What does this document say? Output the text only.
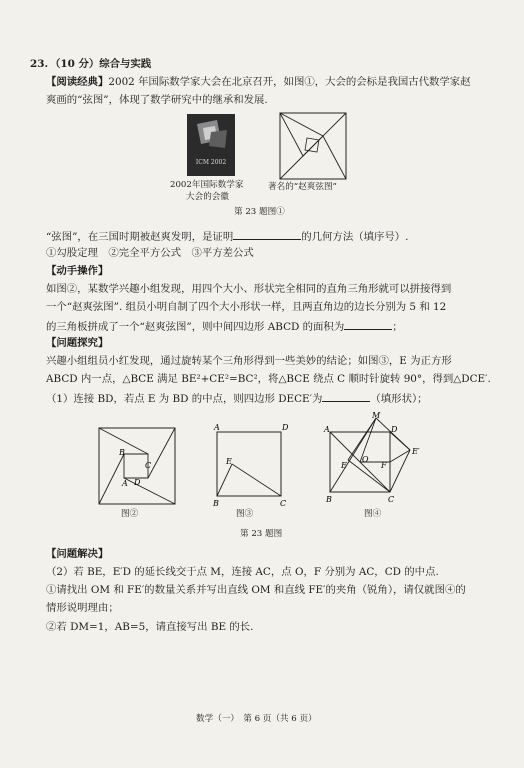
23. （10 分）综合与实践
【阅读经典】2002 年国际数学家大会在北京召开，如图①，大会的会标是我国古代数学家赵
爽画的“弦图”，体现了数学研究中的继承和发展.
ICM 2002
2002年国际数学家
大会的会徽
著名的“赵爽弦图”
第 23 题图①
“弦图”，在三国时期被赵爽发明，是证明	的几何方法（填序号）.
①勾股定理　②完全平方公式　③平方差公式
【动手操作】
如图②，某数学兴趣小组发现，用四个大小、形状完全相同的直角三角形就可以拼接得到
一个“赵爽弦图”. 组员小明自制了四个大小形状一样，且两直角边的边长分别为 5 和 12
的三角板拼成了一个“赵爽弦图”，则中间四边形 ABCD 的面积为	；
【问题探究】
兴趣小组组员小红发现，通过旋转某个三角形得到一些美妙的结论；如图③，E 为正方形
ABCD 内一点，△BCE 满足 BE²+CE²=BC²，将△BCE 绕点 C 顺时针旋转 90°，得到△DCE′.
（1）连接 BD，若点 E 为 BD 的中点，则四边形 DECE′为	（填形状）；
B
C
A D
图②
A	D
B	C
E
图③
M
A	D
E′
E
O
F
B	C
图④
第 23 题图
【问题解决】
（2）若 BE，E′D 的延长线交于点 M，连接 AC，点 O，F 分别为 AC，CD 的中点.
①请找出 OM 和 FE′的数量关系并写出直线 OM 和直线 FE′的夹角（锐角），请仅就图④的
情形说明理由；
②若 DM=1，AB=5，请直接写出 BE 的长.
数学（一）　第 6 页（共 6 页）
